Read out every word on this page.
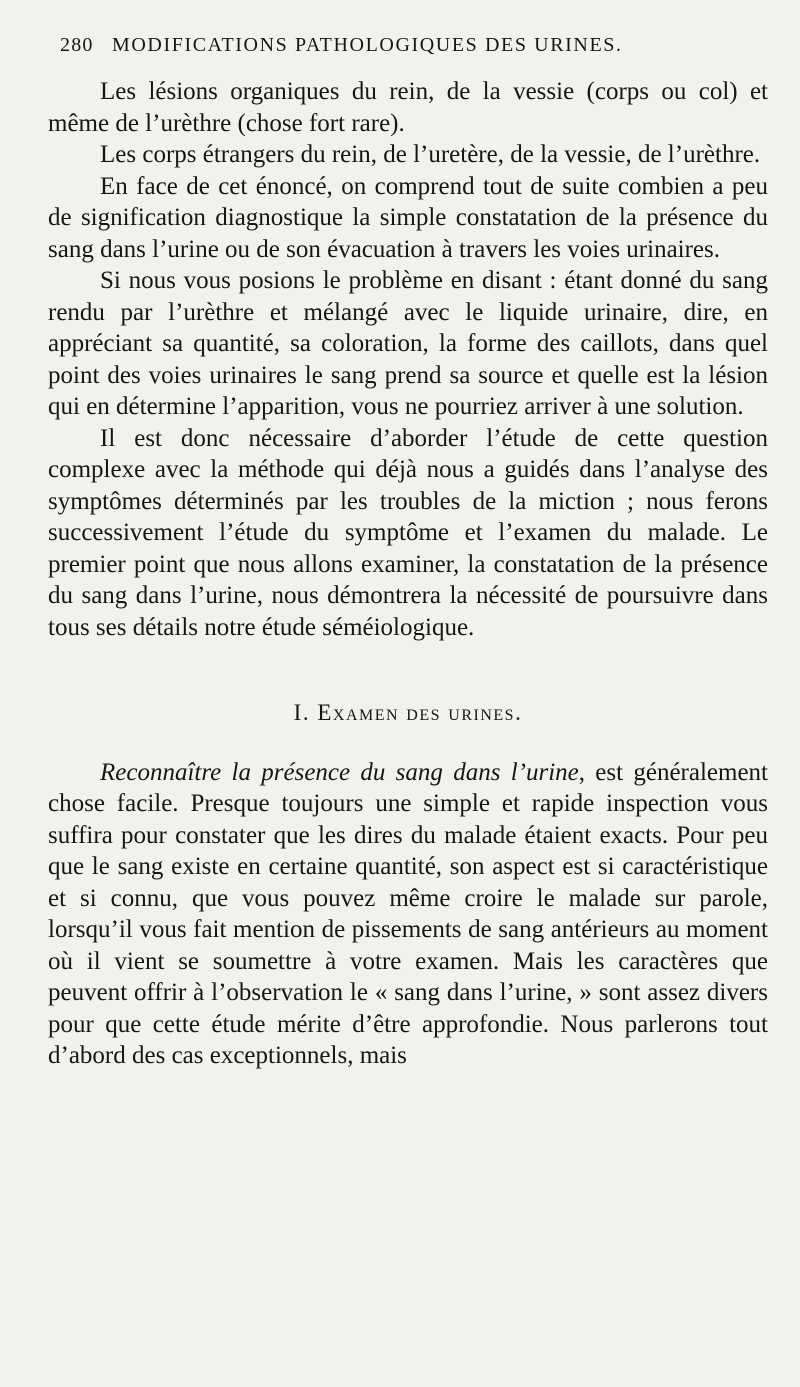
280 MODIFICATIONS PATHOLOGIQUES DES URINES.

Les lésions organiques du rein, de la vessie (corps ou col) et même de l’urèthre (chose fort rare).

Les corps étrangers du rein, de l’uretère, de la vessie, de l’urèthre.

En face de cet énoncé, on comprend tout de suite combien a peu de signification diagnostique la simple constatation de la présence du sang dans l’urine ou de son évacuation à travers les voies urinaires.

Si nous vous posions le problème en disant : étant donné du sang rendu par l’urèthre et mélangé avec le liquide urinaire, dire, en appréciant sa quantité, sa coloration, la forme des caillots, dans quel point des voies urinaires le sang prend sa source et quelle est la lésion qui en détermine l’apparition, vous ne pourriez arriver à une solution.

Il est donc nécessaire d’aborder l’étude de cette question complexe avec la méthode qui déjà nous a guidés dans l’analyse des symptômes déterminés par les troubles de la miction ; nous ferons successivement l’étude du symptôme et l’examen du malade. Le premier point que nous allons examiner, la constatation de la présence du sang dans l’urine, nous démontrera la nécessité de poursuivre dans tous ses détails notre étude séméiologique.

I. Examen des urines.

Reconnaître la présence du sang dans l’urine, est généralement chose facile. Presque toujours une simple et rapide inspection vous suffira pour constater que les dires du malade étaient exacts. Pour peu que le sang existe en certaine quantité, son aspect est si caractéristique et si connu, que vous pouvez même croire le malade sur parole, lorsqu’il vous fait mention de pissements de sang antérieurs au moment où il vient se soumettre à votre examen. Mais les caractères que peuvent offrir à l’observation le « sang dans l’urine, » sont assez divers pour que cette étude mérite d’être approfondie. Nous parlerons tout d’abord des cas exceptionnels, mais
